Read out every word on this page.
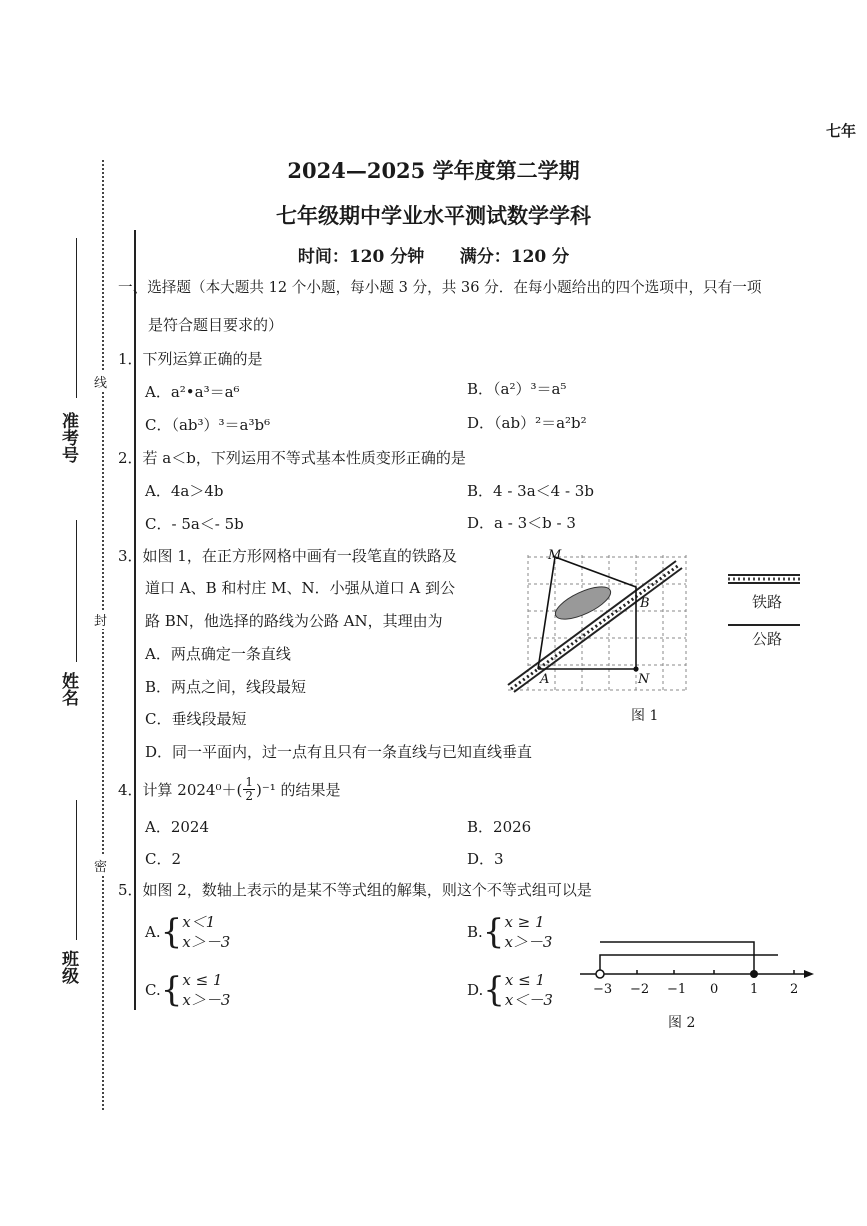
七年
准考号
姓名
班级
线
封
密
2024—2025 学年度第二学期
七年级期中学业水平测试数学学科
时间：120 分钟      满分：120 分
一、选择题（本大题共 12 个小题，每小题 3 分，共 36 分．在每小题给出的四个选项中，只有一项
是符合题目要求的）
1．下列运算正确的是
A．a²•a³＝a⁶	B．（a²）³＝a⁵
C．（ab³）³＝a³b⁶	D．（ab）²＝a²b²
2．若 a＜b，下列运用不等式基本性质变形正确的是
A．4a＞4b	B．4 - 3a＜4 - 3b
C．- 5a＜- 5b	D．a - 3＜b - 3
3．如图 1，在正方形网格中画有一段笔直的铁路及
道口 A、B 和村庄 M、N．小强从道口 A 到公
路 BN，他选择的路线为公路 AN，其理由为
A．两点确定一条直线
B．两点之间，线段最短
C．垂线段最短
D．同一平面内，过一点有且只有一条直线与已知直线垂直
M
B
A	N
图 1
铁路
公路
4．计算 $2024^0+( \frac{1}{2} )^{-1}$ 的结果是
A．2024	B．2026
C．2	D．3
5．如图 2，数轴上表示的是某不等式组的解集，则这个不等式组可以是
A. { x＜1
x＞－3
B. { x ≥ 1
x＞－3
C. { x ≤ 1
x＞－3
D. { x ≤ 1
x＜－3
−3 −2 −1 0 1 2
图 2
